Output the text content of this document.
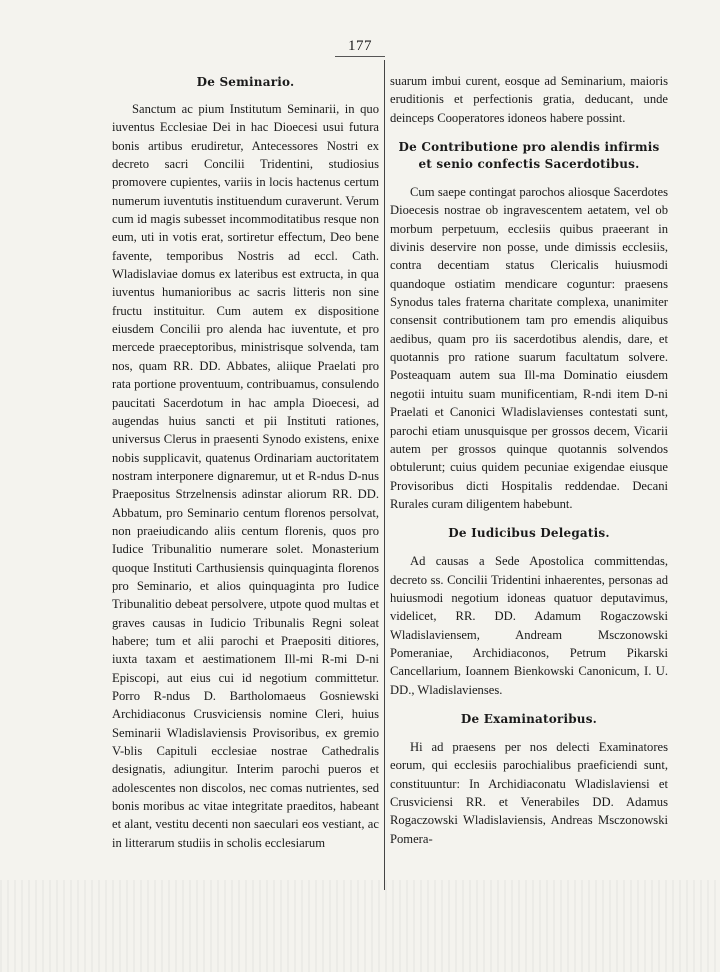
177
De Seminario.

Sanctum ac pium Institutum Seminarii, in quo iuventus Ecclesiae Dei in hac Dioecesi usui futura bonis artibus erudiretur, Antecessores Nostri ex decreto sacri Concilii Tridentini, studiosius promovere cupientes, variis in locis hactenus certum numerum iuventutis instituendum curaverunt. Verum cum id magis subesset incommoditatibus resque non eum, uti in votis erat, sortiretur effectum, Deo bene favente, temporibus Nostris ad eccl. Cath. Wladislaviae domus ex lateribus est extructa, in qua iuventus humanioribus ac sacris litteris non sine fructu instituitur. Cum autem ex dispositione eiusdem Concilii pro alenda hac iuventute, et pro mercede praeceptoribus, ministrisque solvenda, tam nos, quam RR. DD. Abbates, aliique Praelati pro rata portione proventuum, contribuamus, consulendo paucitati Sacerdotum in hac ampla Dioecesi, ad augendas huius sancti et pii Instituti rationes, universus Clerus in praesenti Synodo existens, enixe nobis supplicavit, quatenus Ordinariam auctoritatem nostram interponere dignaremur, ut et R-ndus D-nus Praepositus Strzelnensis adinstar aliorum RR. DD. Abbatum, pro Seminario centum florenos persolvat, non praeiudicando aliis centum florenis, quos pro Iudice Tribunalitio numerare solet. Monasterium quoque Instituti Carthusiensis quinquaginta florenos pro Seminario, et alios quinquaginta pro Iudice Tribunalitio debeat persolvere, utpote quod multas et graves causas in Iudicio Tribunalis Regni soleat habere; tum et alii parochi et Praepositi ditiores, iuxta taxam et aestimationem Ill-mi R-mi D-ni Episcopi, aut eius cui id negotium committetur. Porro R-ndus D. Bartholomaeus Gosniewski Archidiaconus Crusviciensis nomine Cleri, huius Seminarii Wladislaviensis Provisoribus, ex gremio V-blis Capituli ecclesiae nostrae Cathedralis designatis, adiungitur. Interim parochi pueros et adolescentes non discolos, nec comas nutrientes, sed bonis moribus ac vitae integritate praeditos, habeant et alant, vestitu decenti non saeculari eos vestiant, ac in litterarum studiis in scholis ecclesiarum

suarum imbui curent, eosque ad Seminarium, maioris eruditionis et perfectionis gratia, deducant, unde deinceps Cooperatores idoneos habere possint.

De Contributione pro alendis infirmis et senio confectis Sacerdotibus.

Cum saepe contingat parochos aliosque Sacerdotes Dioecesis nostrae ob ingravescentem aetatem, vel ob morbum perpetuum, ecclesiis quibus praeerant in divinis deservire non posse, unde dimissis ecclesiis, contra decentiam status Clericalis huiusmodi quandoque ostiatim mendicare coguntur: praesens Synodus tales fraterna charitate complexa, unanimiter consensit contributionem tam pro emendis aliquibus aedibus, quam pro iis sacerdotibus alendis, dare, et quotannis pro ratione suarum facultatum solvere. Posteaquam autem sua Ill-ma Dominatio eiusdem negotii intuitu suam munificentiam, R-ndi item D-ni Praelati et Canonici Wladislavienses contestati sunt, parochi etiam unusquisque per grossos decem, Vicarii autem per grossos quinque quotannis solvendos obtulerunt; cuius quidem pecuniae exigendae eiusque Provisoribus dicti Hospitalis reddendae. Decani Rurales curam diligentem habebunt.

De Iudicibus Delegatis.

Ad causas a Sede Apostolica committendas, decreto ss. Concilii Tridentini inhaerentes, personas ad huiusmodi negotium idoneas quatuor deputavimus, videlicet, RR. DD. Adamum Rogaczowski Wladislaviensem, Andream Msczonowski Pomeraniae, Archidiaconos, Petrum Pikarski Cancellarium, Ioannem Bienkowski Canonicum, I. U. DD., Wladislavienses.

De Examinatoribus.

Hi ad praesens per nos delecti Examinatores eorum, qui ecclesiis parochialibus praeficiendi sunt, constituuntur: In Archidiaconatu Wladislaviensi et Crusviciensi RR. et Venerabiles DD. Adamus Rogaczowski Wladislaviensis, Andreas Msczonowski Pomera-
